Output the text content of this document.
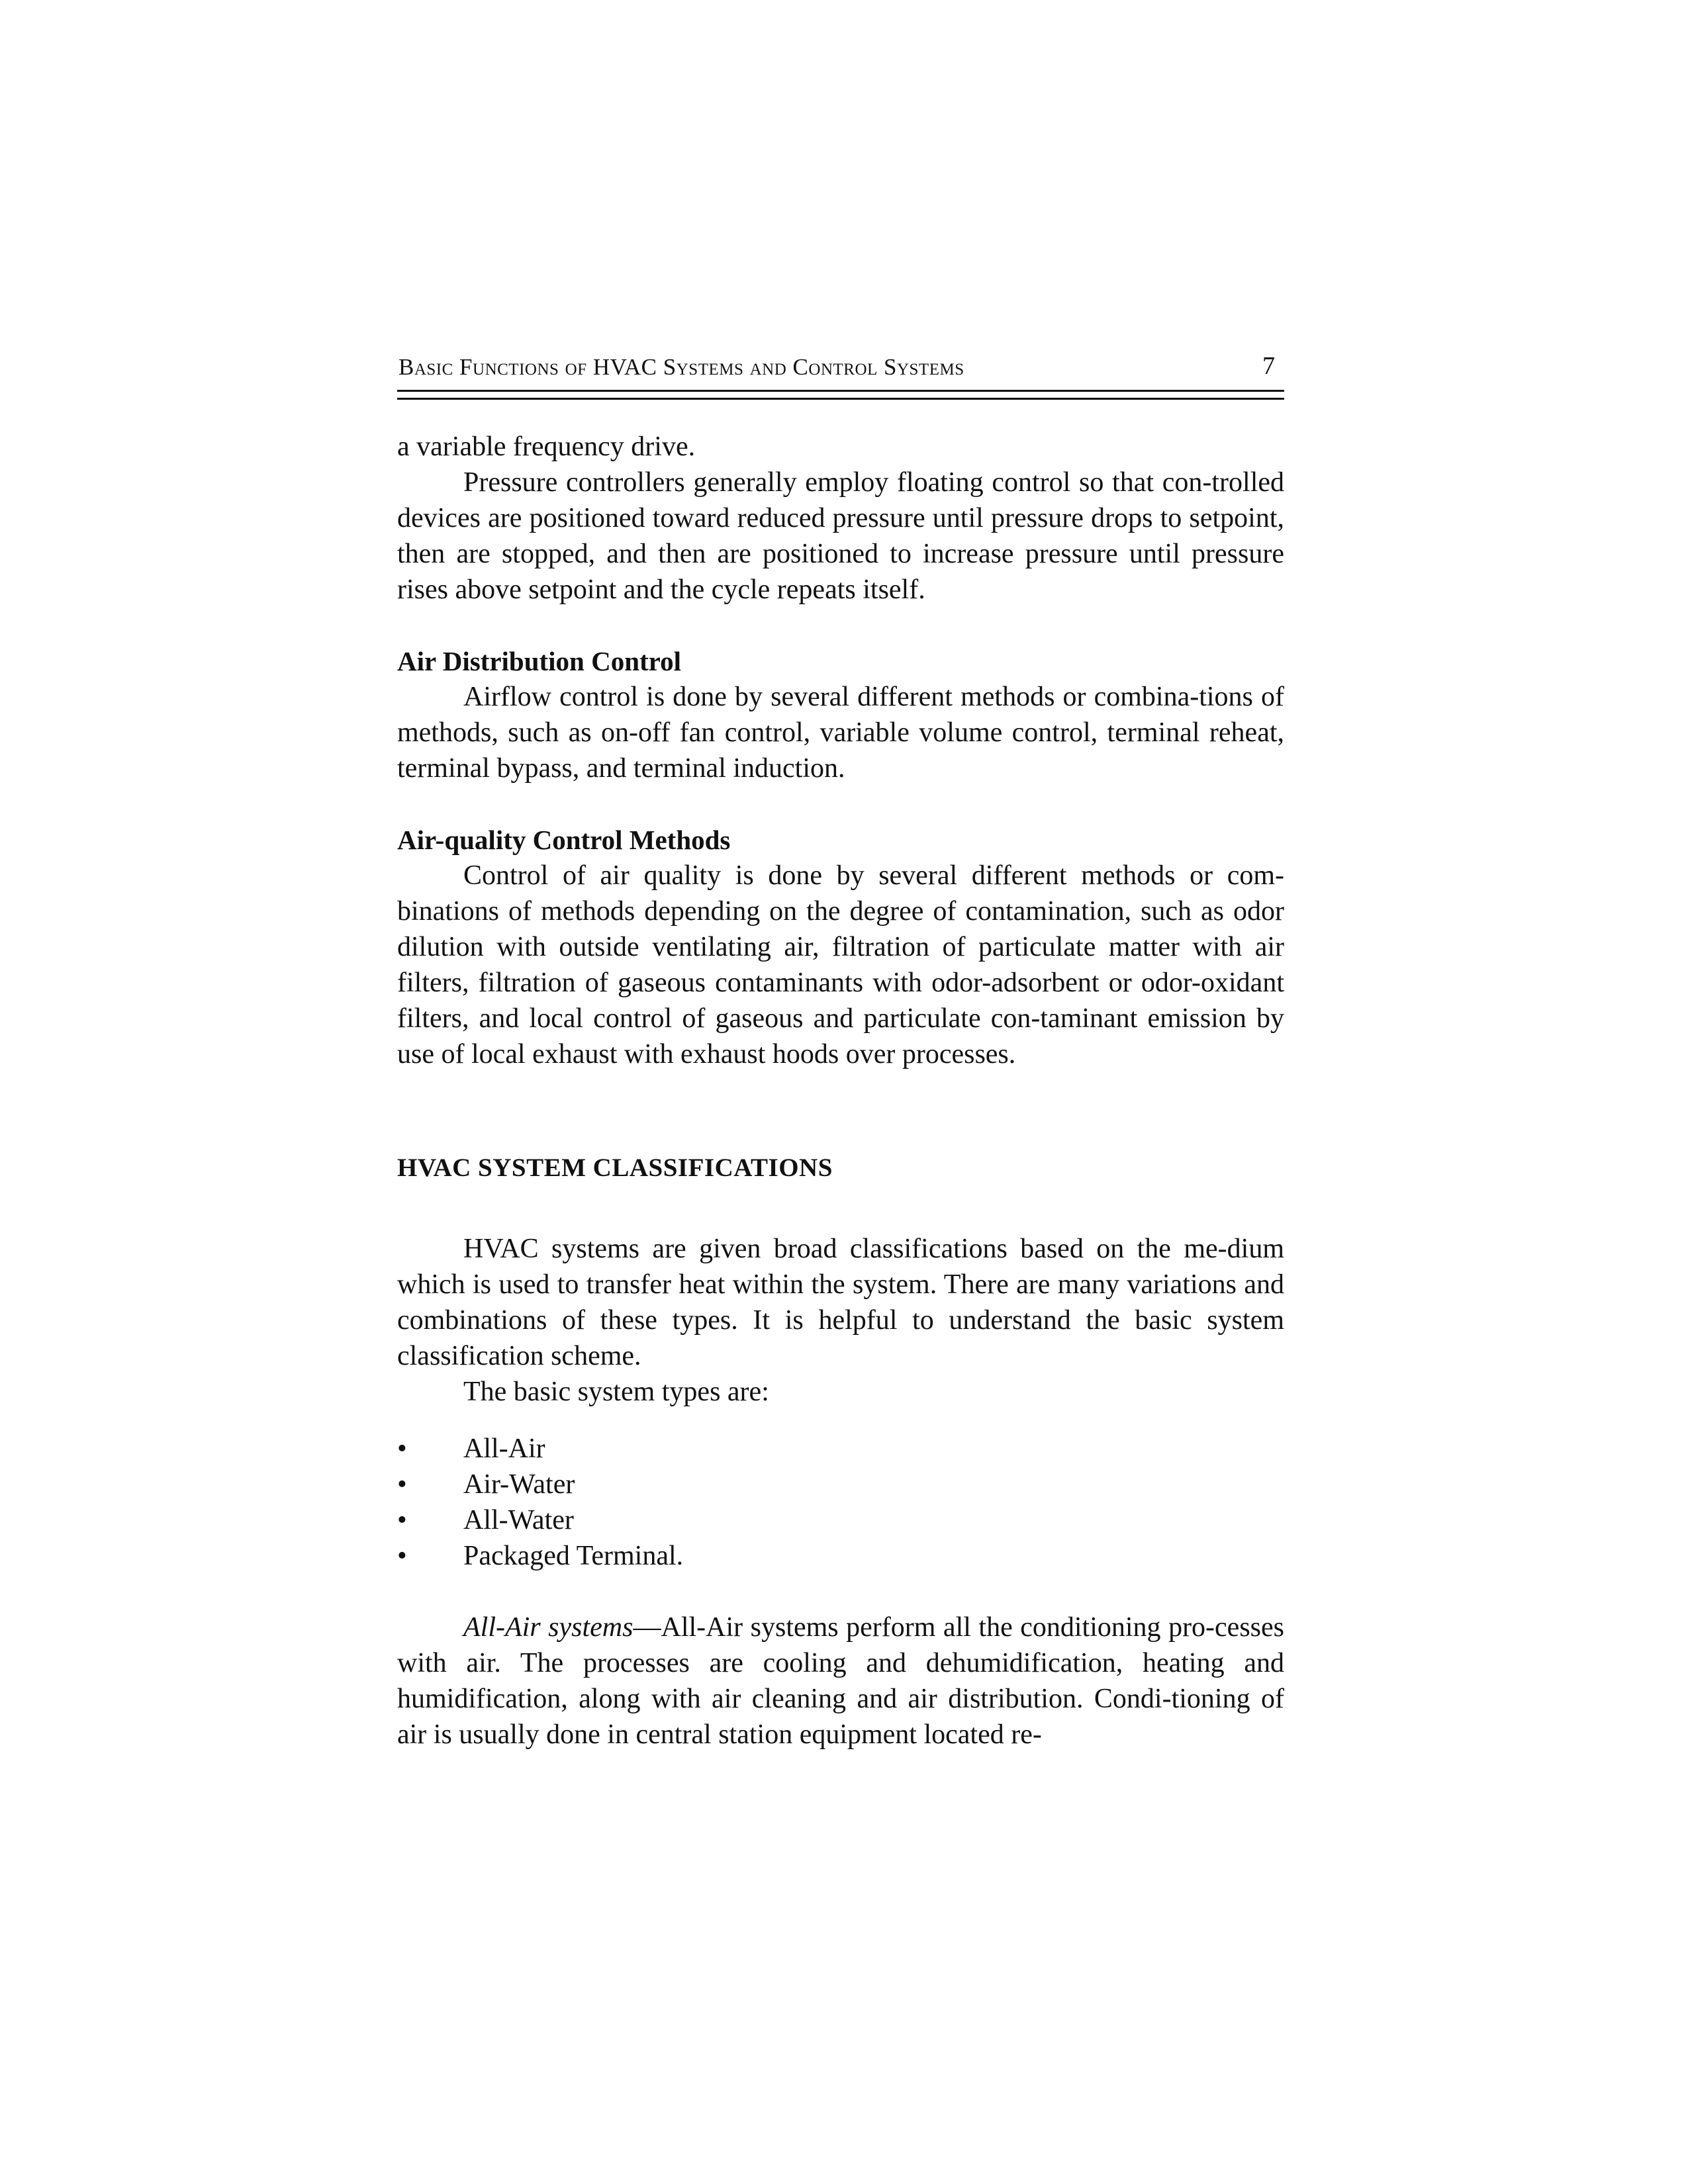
Basic Functions of HVAC Systems and Control Systems	7

a variable frequency drive.

Pressure controllers generally employ floating control so that con-trolled devices are positioned toward reduced pressure until pressure drops to setpoint, then are stopped, and then are positioned to increase pressure until pressure rises above setpoint and the cycle repeats itself.

Air Distribution Control

Airflow control is done by several different methods or combina-tions of methods, such as on-off fan control, variable volume control, terminal reheat, terminal bypass, and terminal induction.

Air-quality Control Methods

Control of air quality is done by several different methods or com-binations of methods depending on the degree of contamination, such as odor dilution with outside ventilating air, filtration of particulate matter with air filters, filtration of gaseous contaminants with odor-adsorbent or odor-oxidant filters, and local control of gaseous and particulate con-taminant emission by use of local exhaust with exhaust hoods over processes.

HVAC SYSTEM CLASSIFICATIONS

HVAC systems are given broad classifications based on the me-dium which is used to transfer heat within the system. There are many variations and combinations of these types. It is helpful to understand the basic system classification scheme.

The basic system types are:

•	All-Air
•	Air-Water
•	All-Water
•	Packaged Terminal.

All-Air systems—All-Air systems perform all the conditioning pro-cesses with air. The processes are cooling and dehumidification, heating and humidification, along with air cleaning and air distribution. Condi-tioning of air is usually done in central station equipment located re-
